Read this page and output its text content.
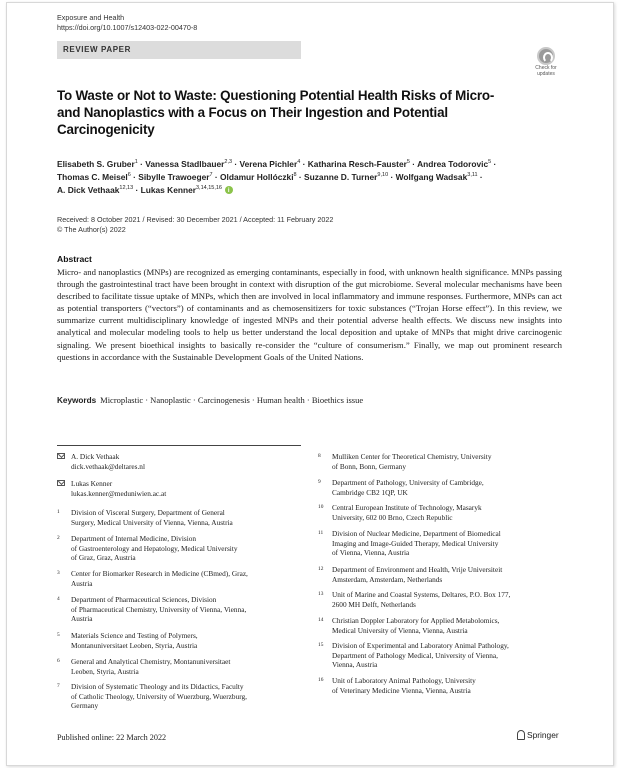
Exposure and Health
https://doi.org/10.1007/s12403-022-00470-8
REVIEW PAPER
Check for
updates
To Waste or Not to Waste: Questioning Potential Health Risks of Micro-
and Nanoplastics with a Focus on Their Ingestion and Potential
Carcinogenicity
Elisabeth S. Gruber$^1$ · Vanessa Stadlbauer$^{2,3}$ · Verena Pichler$^4$ · Katharina Resch-Fauster$^5$ · Andrea Todorovic$^5$ ·
Thomas C. Meisel$^6$ · Sibylle Trawoeger$^7$ · Oldamur Hollóczki$^8$ · Suzanne D. Turner$^{9,10}$ · Wolfgang Wadsak$^{3,11}$ ·
A. Dick Vethaak$^{12,13}$ · Lukas Kenner$^{3,14,15,16}$ i
Received: 8 October 2021 / Revised: 30 December 2021 / Accepted: 11 February 2022
© The Author(s) 2022
Abstract
Micro- and nanoplastics (MNPs) are recognized as emerging contaminants, especially in food, with unknown health significance. MNPs passing through the gastrointestinal tract have been brought in context with disruption of the gut microbiome. Several molecular mechanisms have been described to facilitate tissue uptake of MNPs, which then are involved in local inflammatory and immune responses. Furthermore, MNPs can act as potential transporters (“vectors”) of contaminants and as chemosensitizers for toxic substances (“Trojan Horse effect”). In this review, we summarize current multidisciplinary knowledge of ingested MNPs and their potential adverse health effects. We discuss new insights into analytical and molecular modeling tools to help us better understand the local deposition and uptake of MNPs that might drive carcinogenic signaling. We present bioethical insights to basically re-consider the “culture of consumerism.” Finally, we map out prominent research questions in accordance with the Sustainable Development Goals of the United Nations.
Keywords Microplastic · Nanoplastic · Carcinogenesis · Human health · Bioethics issue
A. Dick Vethaak
dick.vethaak@deltares.nl
Lukas Kenner
lukas.kenner@meduniwien.ac.at
1 Division of Visceral Surgery, Department of General
Surgery, Medical University of Vienna, Vienna, Austria
2 Department of Internal Medicine, Division
of Gastroenterology and Hepatology, Medical University
of Graz, Graz, Austria
3 Center for Biomarker Research in Medicine (CBmed), Graz,
Austria
4 Department of Pharmaceutical Sciences, Division
of Pharmaceutical Chemistry, University of Vienna, Vienna,
Austria
5 Materials Science and Testing of Polymers,
Montanuniversitaet Leoben, Styria, Austria
6 General and Analytical Chemistry, Montanuniversitaet
Leoben, Styria, Austria
7 Division of Systematic Theology and its Didactics, Faculty
of Catholic Theology, University of Wuerzburg, Wuerzburg,
Germany
8 Mulliken Center for Theoretical Chemistry, University
of Bonn, Bonn, Germany
9 Department of Pathology, University of Cambridge,
Cambridge CB2 1QP, UK
10 Central European Institute of Technology, Masaryk
University, 602 00 Brno, Czech Republic
11 Division of Nuclear Medicine, Department of Biomedical
Imaging and Image-Guided Therapy, Medical University
of Vienna, Vienna, Austria
12 Department of Environment and Health, Vrije Universiteit
Amsterdam, Amsterdam, Netherlands
13 Unit of Marine and Coastal Systems, Deltares, P.O. Box 177,
2600 MH Delft, Netherlands
14 Christian Doppler Laboratory for Applied Metabolomics,
Medical University of Vienna, Vienna, Austria
15 Division of Experimental and Laboratory Animal Pathology,
Department of Pathology Medical, University of Vienna,
Vienna, Austria
16 Unit of Laboratory Animal Pathology, University
of Veterinary Medicine Vienna, Vienna, Austria
Published online: 22 March 2022	Springer
